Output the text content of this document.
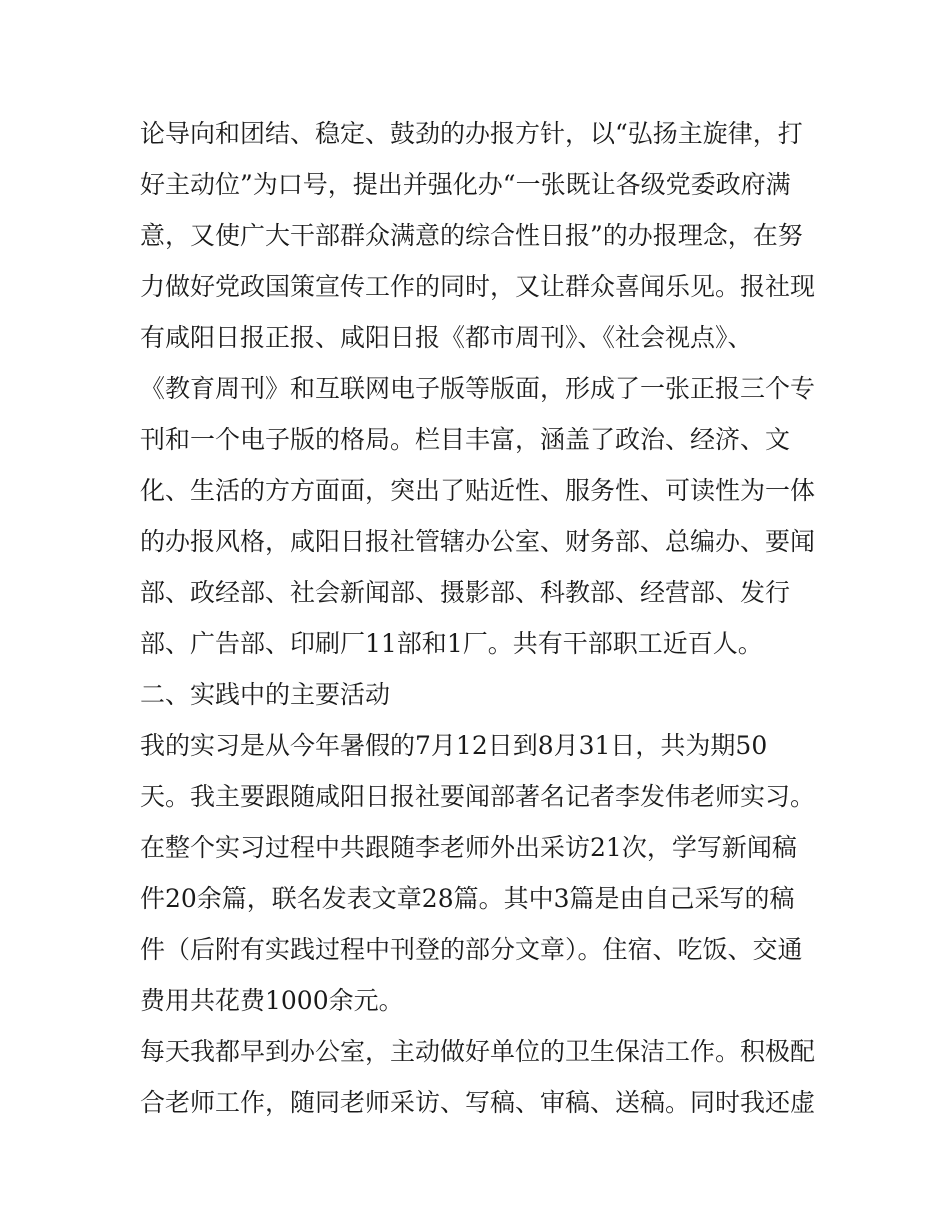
论导向和团结、稳定、鼓劲的办报方针，以“弘扬主旋律，打
好主动位”为口号，提出并强化办“一张既让各级党委政府满
意，又使广大干部群众满意的综合性日报”的办报理念，在努
力做好党政国策宣传工作的同时，又让群众喜闻乐见。报社现
有咸阳日报正报、咸阳日报《都市周刊》、《社会视点》、
《教育周刊》和互联网电子版等版面，形成了一张正报三个专
刊和一个电子版的格局。栏目丰富，涵盖了政治、经济、文
化、生活的方方面面，突出了贴近性、服务性、可读性为一体
的办报风格，咸阳日报社管辖办公室、财务部、总编办、要闻
部、政经部、社会新闻部、摄影部、科教部、经营部、发行
部、广告部、印刷厂11部和1厂。共有干部职工近百人。
二、实践中的主要活动
我的实习是从今年暑假的7月12日到8月31日，共为期50
天。我主要跟随咸阳日报社要闻部著名记者李发伟老师实习。
在整个实习过程中共跟随李老师外出采访21次，学写新闻稿
件20余篇，联名发表文章28篇。其中3篇是由自己采写的稿
件（后附有实践过程中刊登的部分文章）。住宿、吃饭、交通
费用共花费1000余元。
每天我都早到办公室，主动做好单位的卫生保洁工作。积极配
合老师工作，随同老师采访、写稿、审稿、送稿。同时我还虚
